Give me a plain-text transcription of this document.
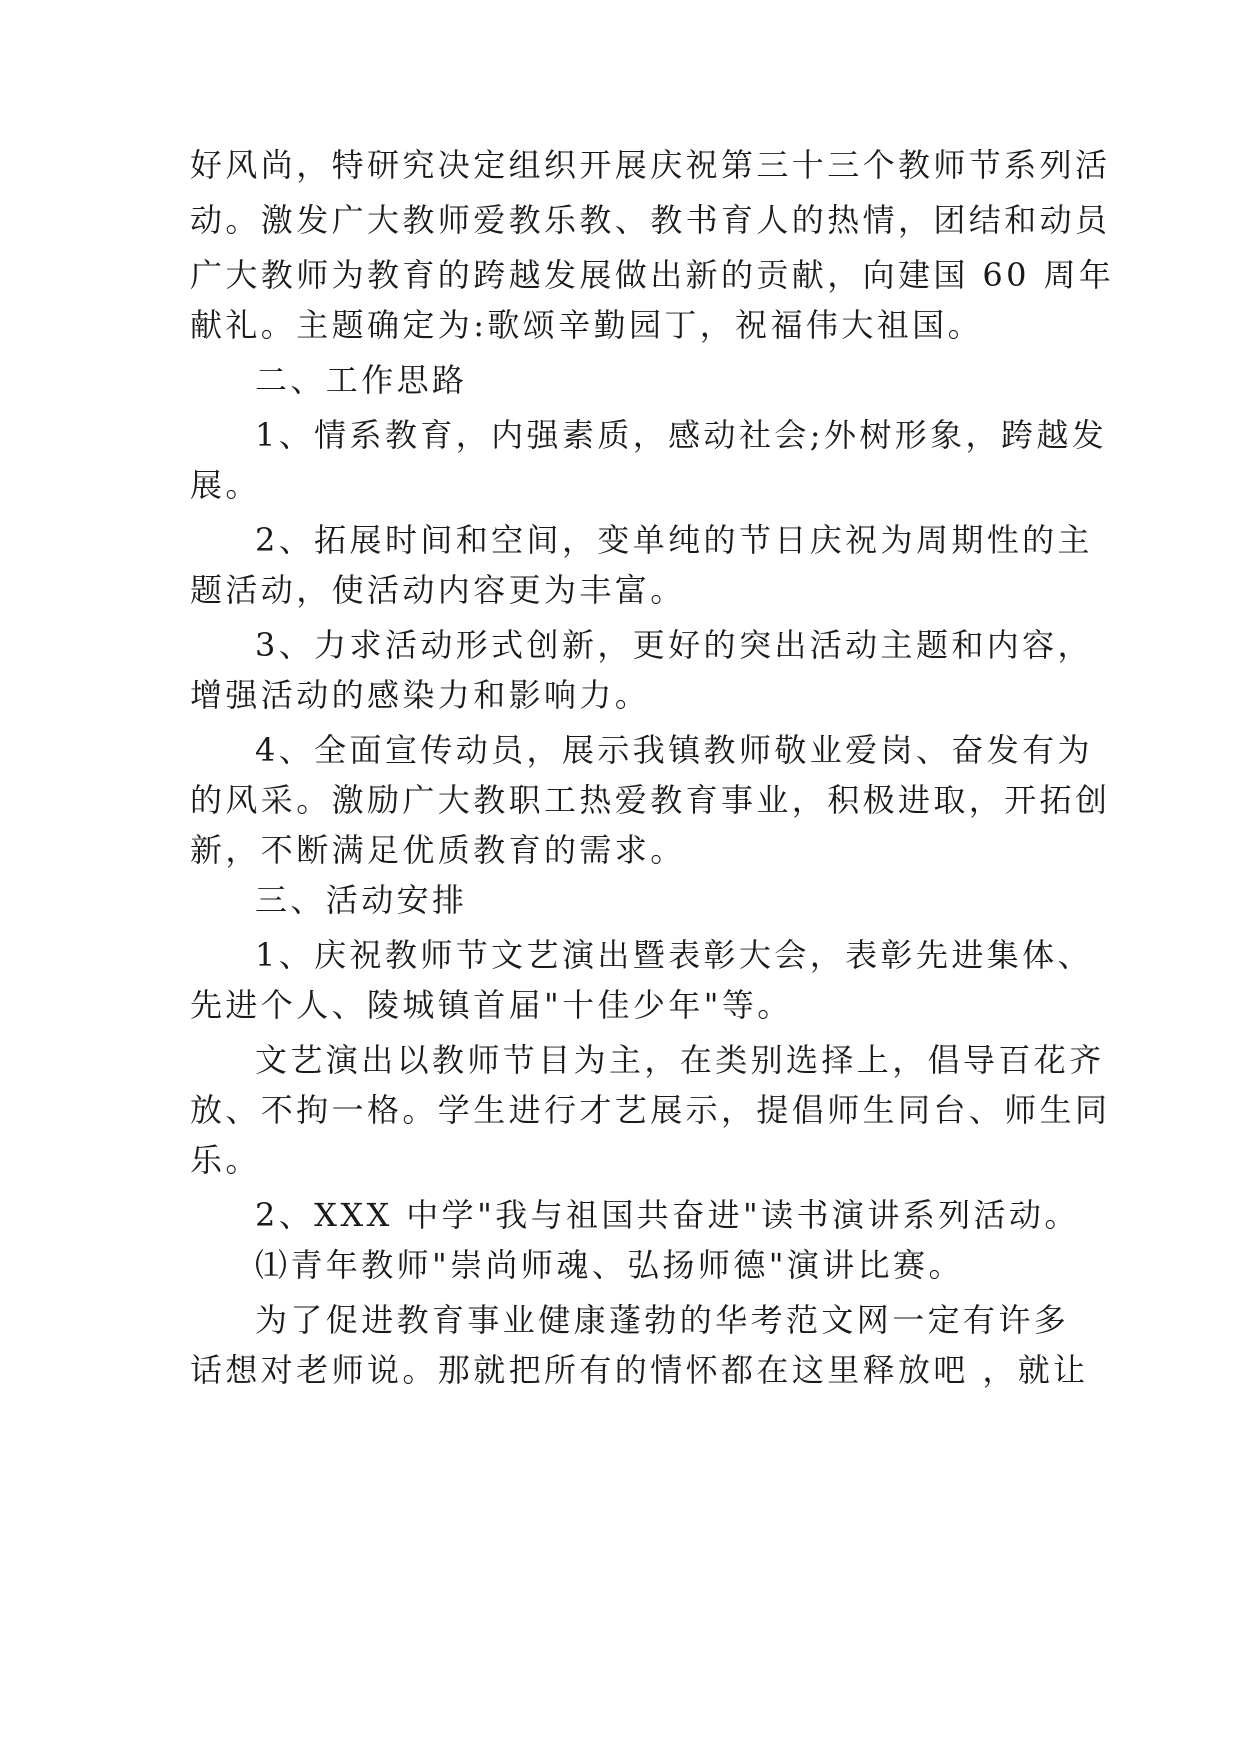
好风尚，特研究决定组织开展庆祝第三十三个教师节系列活
动。激发广大教师爱教乐教、教书育人的热情，团结和动员
广大教师为教育的跨越发展做出新的贡献，向建国 60 周年
献礼。主题确定为:歌颂辛勤园丁，祝福伟大祖国。
二、工作思路
1、情系教育，内强素质，感动社会;外树形象，跨越发
展。
2、拓展时间和空间，变单纯的节日庆祝为周期性的主
题活动，使活动内容更为丰富。
3、力求活动形式创新，更好的突出活动主题和内容，
增强活动的感染力和影响力。
4、全面宣传动员，展示我镇教师敬业爱岗、奋发有为
的风采。激励广大教职工热爱教育事业，积极进取，开拓创
新，不断满足优质教育的需求。
三、活动安排
1、庆祝教师节文艺演出暨表彰大会，表彰先进集体、
先进个人、陵城镇首届"十佳少年"等。
文艺演出以教师节目为主，在类别选择上，倡导百花齐
放、不拘一格。学生进行才艺展示，提倡师生同台、师生同
乐。
2、XXX 中学"我与祖国共奋进"读书演讲系列活动。
⑴青年教师"崇尚师魂、弘扬师德"演讲比赛。
为了促进教育事业健康蓬勃的华考范文网一定有许多
话想对老师说。那就把所有的情怀都在这里释放吧 ，就让
